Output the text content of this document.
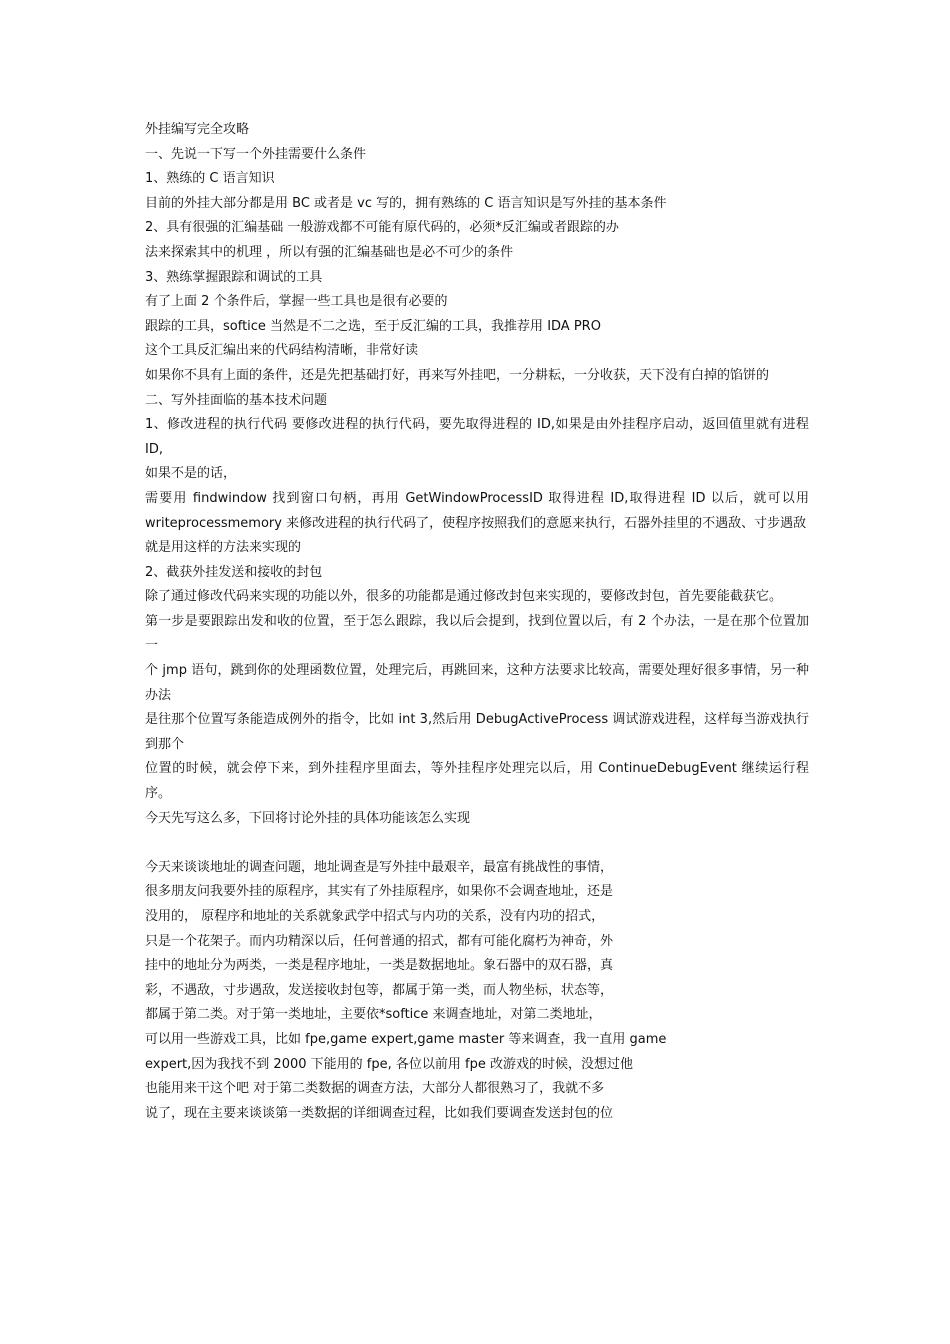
外挂编写完全攻略
一、先说一下写一个外挂需要什么条件
1、熟练的 C 语言知识
目前的外挂大部分都是用 BC 或者是 vc 写的，拥有熟练的 C 语言知识是写外挂的基本条件
2、具有很强的汇编基础 一般游戏都不可能有原代码的，必须*反汇编或者跟踪的办
法来探索其中的机理 ，所以有强的汇编基础也是必不可少的条件
3、熟练掌握跟踪和调试的工具
有了上面 2 个条件后，掌握一些工具也是很有必要的
跟踪的工具，softice 当然是不二之选，至于反汇编的工具，我推荐用 IDA PRO
这个工具反汇编出来的代码结构清晰，非常好读
如果你不具有上面的条件，还是先把基础打好，再来写外挂吧，一分耕耘，一分收获，天下没有白掉的馅饼的
二、写外挂面临的基本技术问题
1、修改进程的执行代码 要修改进程的执行代码，要先取得进程的 ID,如果是由外挂程序启动，返回值里就有进程 ID,
如果不是的话，
需要用 findwindow 找到窗口句柄，再用 GetWindowProcessID 取得进程 ID,取得进程 ID 以后，就可以用 writeprocessmemory 来修改进程的执行代码了，使程序按照我们的意愿来执行，石器外挂里的不遇敌、寸步遇敌
就是用这样的方法来实现的
2、截获外挂发送和接收的封包
除了通过修改代码来实现的功能以外，很多的功能都是通过修改封包来实现的，要修改封包，首先要能截获它。
第一步是要跟踪出发和收的位置，至于怎么跟踪，我以后会提到，找到位置以后，有 2 个办法，一是在那个位置加一
个 jmp 语句，跳到你的处理函数位置，处理完后，再跳回来，这种方法要求比较高，需要处理好很多事情，另一种办法
是往那个位置写条能造成例外的指令，比如 int 3,然后用 DebugActiveProcess 调试游戏进程，这样每当游戏执行到那个
位置的时候，就会停下来，到外挂程序里面去，等外挂程序处理完以后，用 ContinueDebugEvent 继续运行程序。
今天先写这么多，下回将讨论外挂的具体功能该怎么实现
今天来谈谈地址的调查问题，地址调查是写外挂中最艰辛，最富有挑战性的事情，
很多朋友问我要外挂的原程序，其实有了外挂原程序，如果你不会调查地址，还是
没用的， 原程序和地址的关系就象武学中招式与内功的关系，没有内功的招式，
只是一个花架子。而内功精深以后，任何普通的招式，都有可能化腐朽为神奇，外
挂中的地址分为两类，一类是程序地址，一类是数据地址。象石器中的双石器，真
彩，不遇敌，寸步遇敌，发送接收封包等，都属于第一类，而人物坐标，状态等，
都属于第二类。对于第一类地址，主要依*softice 来调查地址，对第二类地址，
可以用一些游戏工具，比如 fpe,game expert,game master 等来调查，我一直用 game
expert,因为我找不到 2000 下能用的 fpe, 各位以前用 fpe 改游戏的时候，没想过他
也能用来干这个吧 对于第二类数据的调查方法，大部分人都很熟习了，我就不多
说了，现在主要来谈谈第一类数据的详细调查过程，比如我们要调查发送封包的位
